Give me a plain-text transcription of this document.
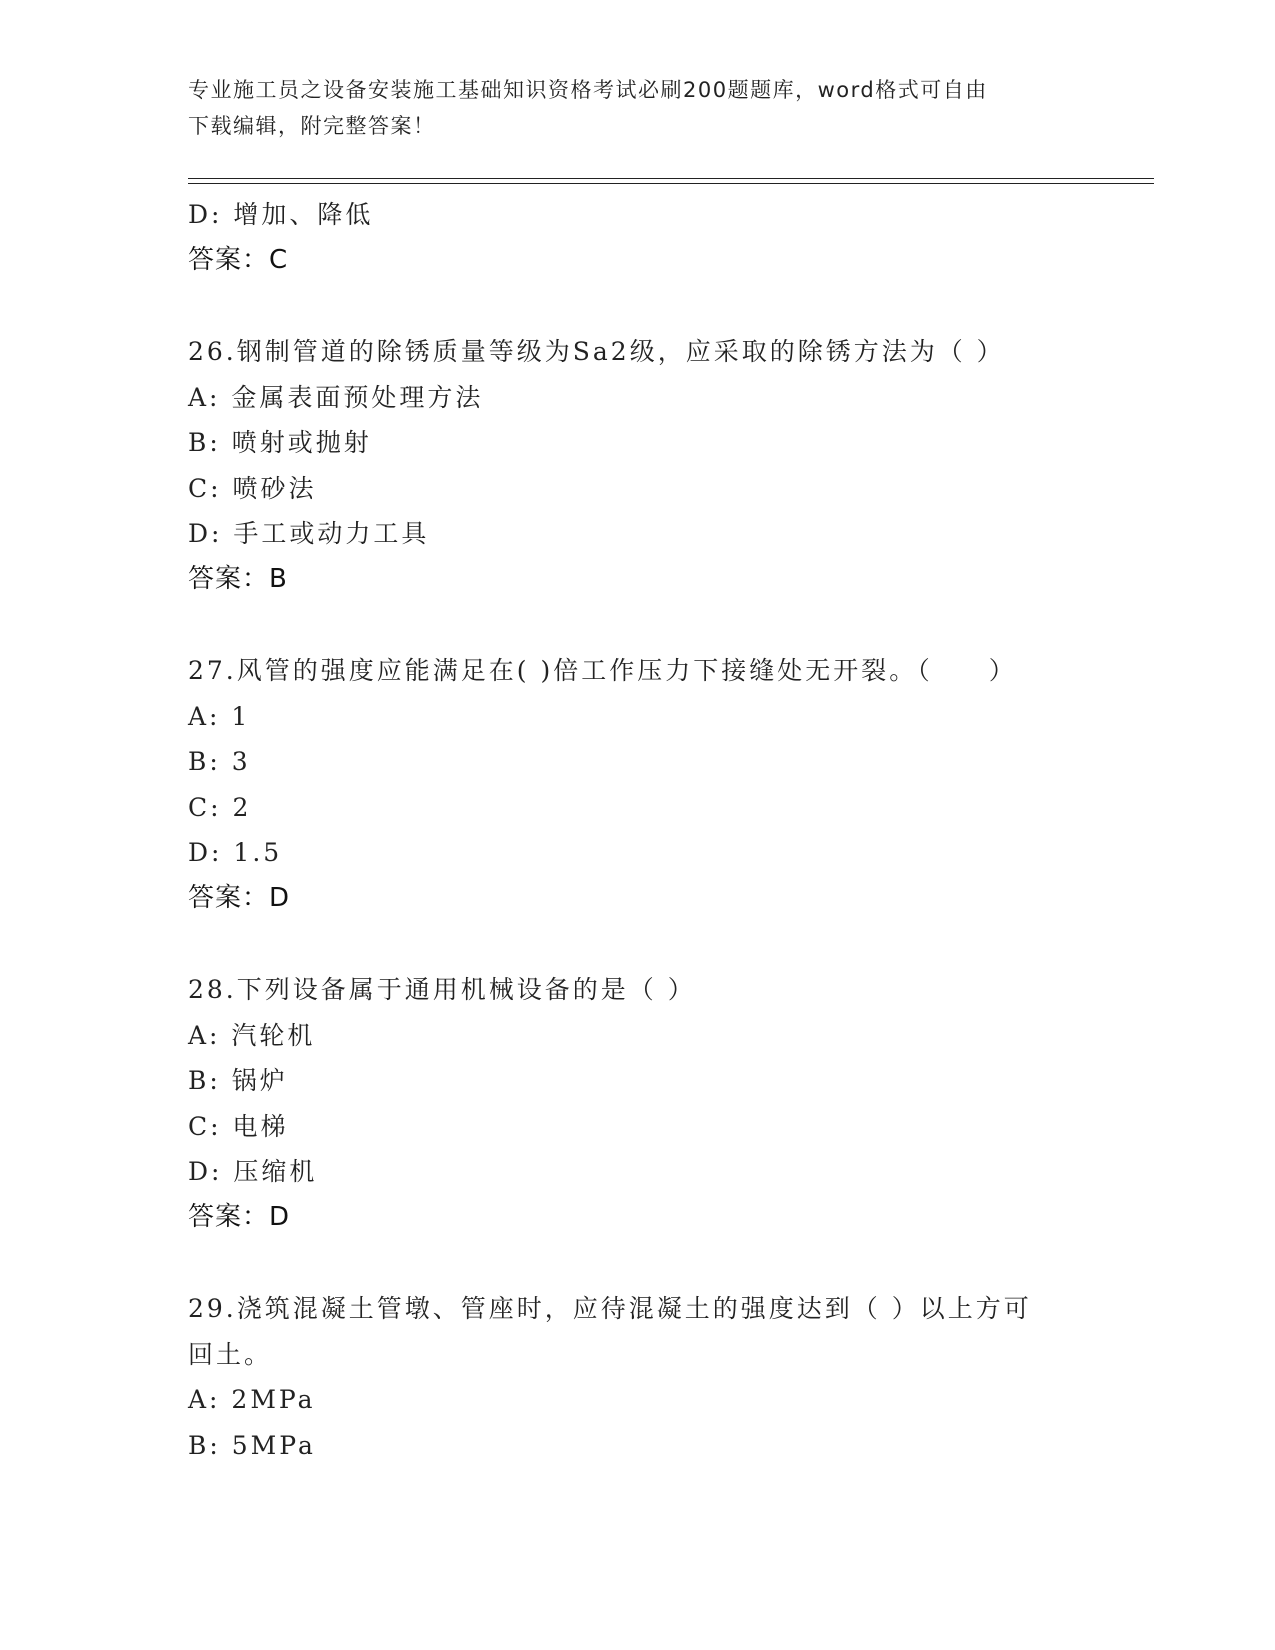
专业施工员之设备安装施工基础知识资格考试必刷200题题库，word格式可自由
下载编辑，附完整答案！
D: 增加、降低
答案：C
26.钢制管道的除锈质量等级为Sa2级，应采取的除锈方法为（ ）
A: 金属表面预处理方法
B: 喷射或抛射
C: 喷砂法
D: 手工或动力工具
答案：B
27.风管的强度应能满足在( )倍工作压力下接缝处无开裂。（　　）
A: 1
B: 3
C: 2
D: 1.5
答案：D
28.下列设备属于通用机械设备的是（ ）
A: 汽轮机
B: 锅炉
C: 电梯
D: 压缩机
答案：D
29.浇筑混凝土管墩、管座时，应待混凝土的强度达到（ ）以上方可
回土。
A: 2MPa
B: 5MPa
